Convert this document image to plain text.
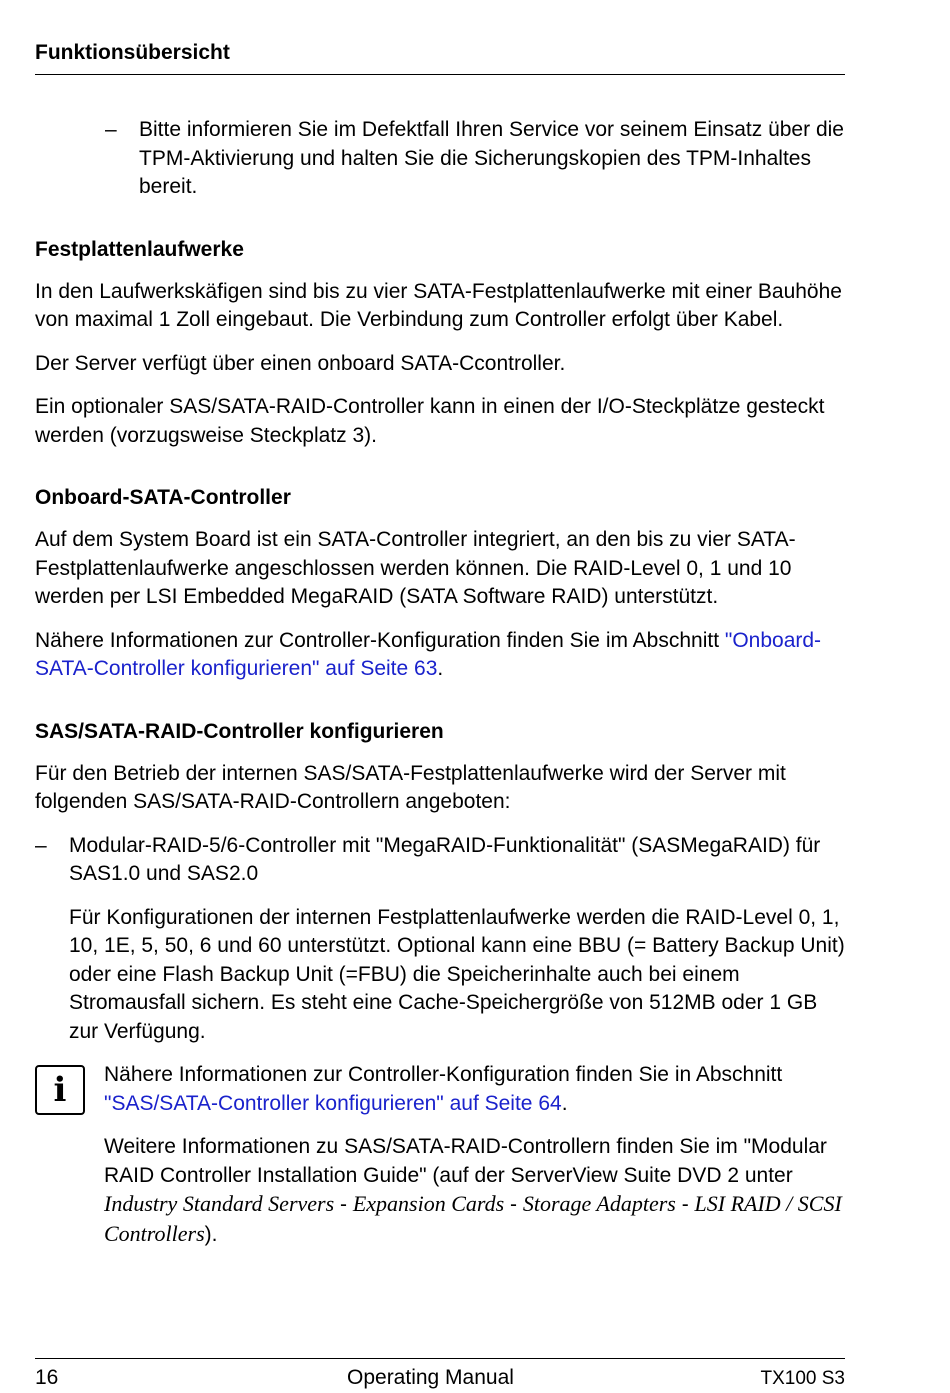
Funktionsübersicht
– Bitte informieren Sie im Defektfall Ihren Service vor seinem Einsatz über die TPM-Aktivierung und halten Sie die Sicherungskopien des TPM-Inhaltes bereit.

Festplattenlaufwerke

In den Laufwerkskäfigen sind bis zu vier SATA-Festplattenlaufwerke mit einer Bauhöhe von maximal 1 Zoll eingebaut. Die Verbindung zum Controller erfolgt über Kabel.

Der Server verfügt über einen onboard SATA-Ccontroller.

Ein optionaler SAS/SATA-RAID-Controller kann in einen der I/O-Steckplätze gesteckt werden (vorzugsweise Steckplatz 3).

Onboard-SATA-Controller

Auf dem System Board ist ein SATA-Controller integriert, an den bis zu vier SATA-Festplattenlaufwerke angeschlossen werden können. Die RAID-Level 0, 1 und 10 werden per LSI Embedded MegaRAID (SATA Software RAID) unterstützt.

Nähere Informationen zur Controller-Konfiguration finden Sie im Abschnitt "Onboard-SATA-Controller konfigurieren" auf Seite 63.

SAS/SATA-RAID-Controller konfigurieren

Für den Betrieb der internen SAS/SATA-Festplattenlaufwerke wird der Server mit folgenden SAS/SATA-RAID-Controllern angeboten:

– Modular-RAID-5/6-Controller mit "MegaRAID-Funktionalität" (SASMegaRAID) für SAS1.0 und SAS2.0

Für Konfigurationen der internen Festplattenlaufwerke werden die RAID-Level 0, 1, 10, 1E, 5, 50, 6 und 60 unterstützt. Optional kann eine BBU (= Battery Backup Unit) oder eine Flash Backup Unit (=FBU) die Speicherinhalte auch bei einem Stromausfall sichern. Es steht eine Cache-Speichergröße von 512MB oder 1 GB zur Verfügung.

i	Nähere Informationen zur Controller-Konfiguration finden Sie in Abschnitt "SAS/SATA-Controller konfigurieren" auf Seite 64.

Weitere Informationen zu SAS/SATA-RAID-Controllern finden Sie im "Modular RAID Controller Installation Guide" (auf der ServerView Suite DVD 2 unter Industry Standard Servers - Expansion Cards - Storage Adapters - LSI RAID / SCSI Controllers).

16	Operating Manual	TX100 S3
